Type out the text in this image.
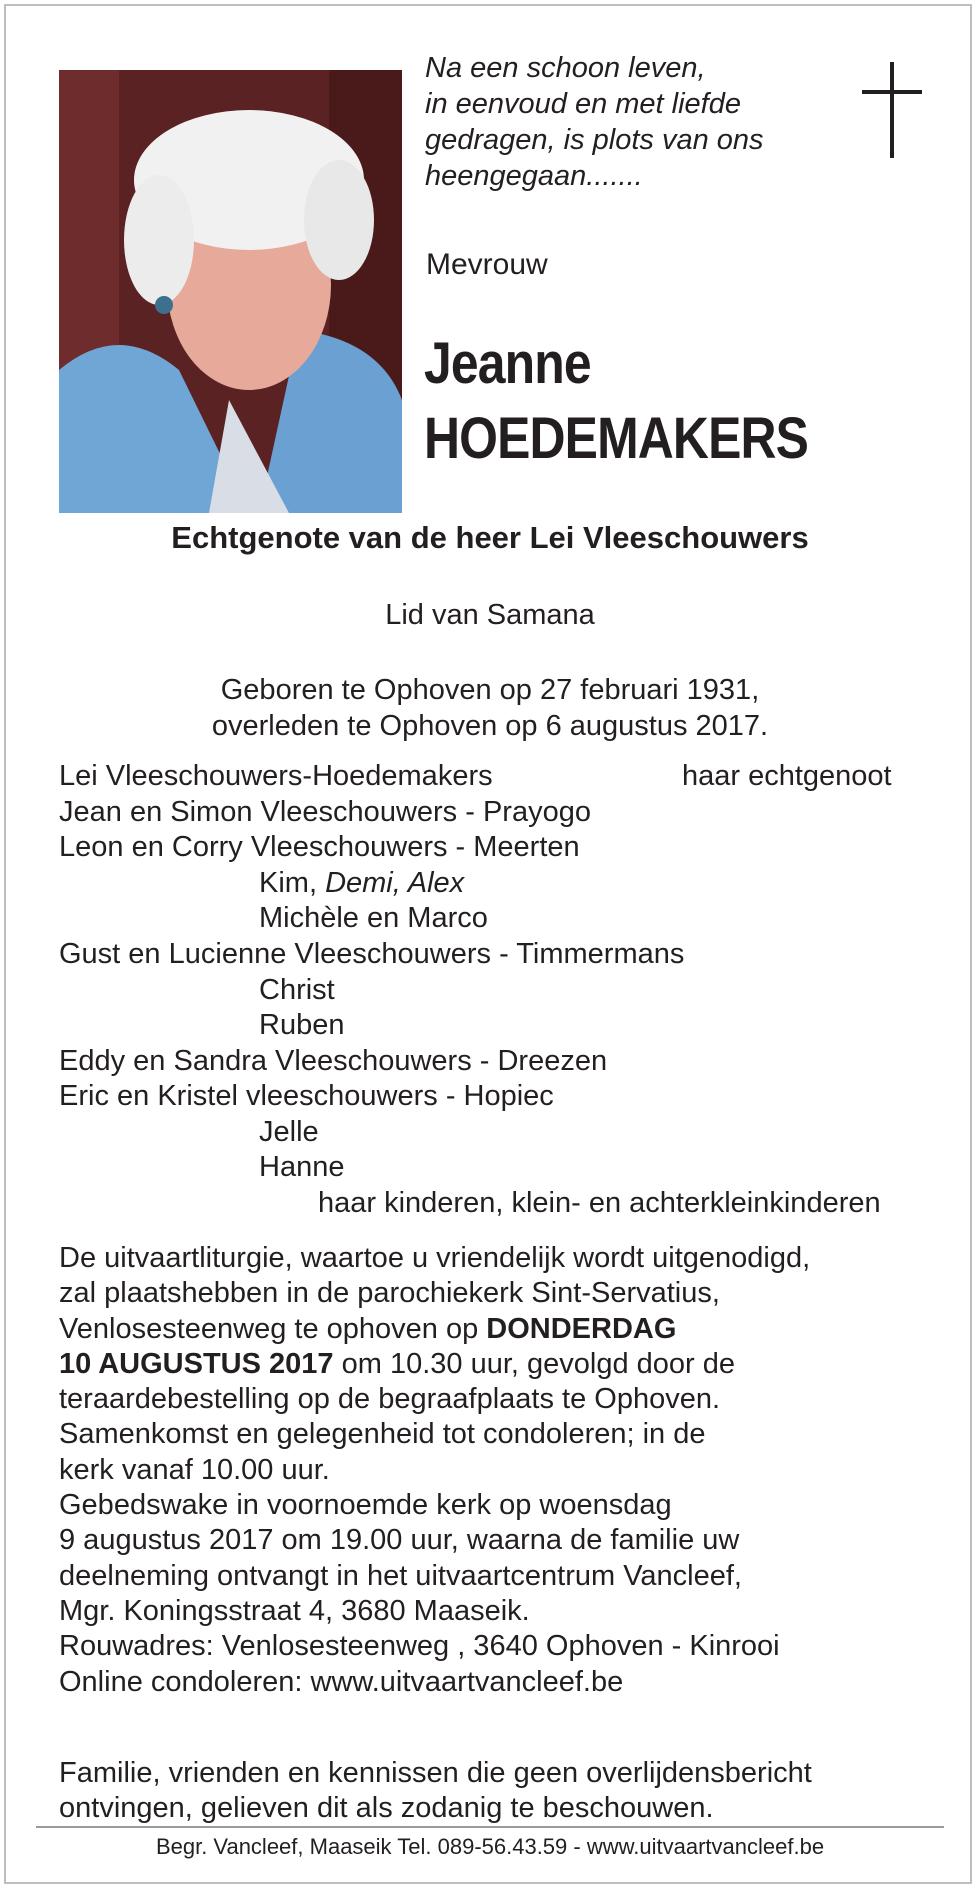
Na een schoon leven,
in eenvoud en met liefde
gedragen, is plots van ons
heengegaan.......
Mevrouw
Jeanne
HOEDEMAKERS
Echtgenote van de heer Lei Vleeschouwers
Lid van Samana
Geboren te Ophoven op 27 februari 1931,
overleden te Ophoven op 6 augustus 2017.
Lei Vleeschouwers-Hoedemakers	haar echtgenoot
Jean en Simon Vleeschouwers - Prayogo
Leon en Corry Vleeschouwers - Meerten
Kim, Demi, Alex
Michèle en Marco
Gust en Lucienne Vleeschouwers - Timmermans
Christ
Ruben
Eddy en Sandra Vleeschouwers - Dreezen
Eric en Kristel vleeschouwers - Hopiec
Jelle
Hanne
haar kinderen, klein- en achterkleinkinderen
De uitvaartliturgie, waartoe u vriendelijk wordt uitgenodigd,
zal plaatshebben in de parochiekerk Sint-Servatius,
Venlosesteenweg te ophoven op DONDERDAG
10 AUGUSTUS 2017 om 10.30 uur, gevolgd door de
teraardebestelling op de begraafplaats te Ophoven.
Samenkomst en gelegenheid tot condoleren; in de
kerk vanaf 10.00 uur.
Gebedswake in voornoemde kerk op woensdag
9 augustus 2017 om 19.00 uur, waarna de familie uw
deelneming ontvangt in het uitvaartcentrum Vancleef,
Mgr. Koningsstraat 4, 3680 Maaseik.
Rouwadres: Venlosesteenweg , 3640 Ophoven - Kinrooi
Online condoleren: www.uitvaartvancleef.be
Familie, vrienden en kennissen die geen overlijdensbericht
ontvingen, gelieven dit als zodanig te beschouwen.
Begr. Vancleef, Maaseik Tel. 089-56.43.59 - www.uitvaartvancleef.be
